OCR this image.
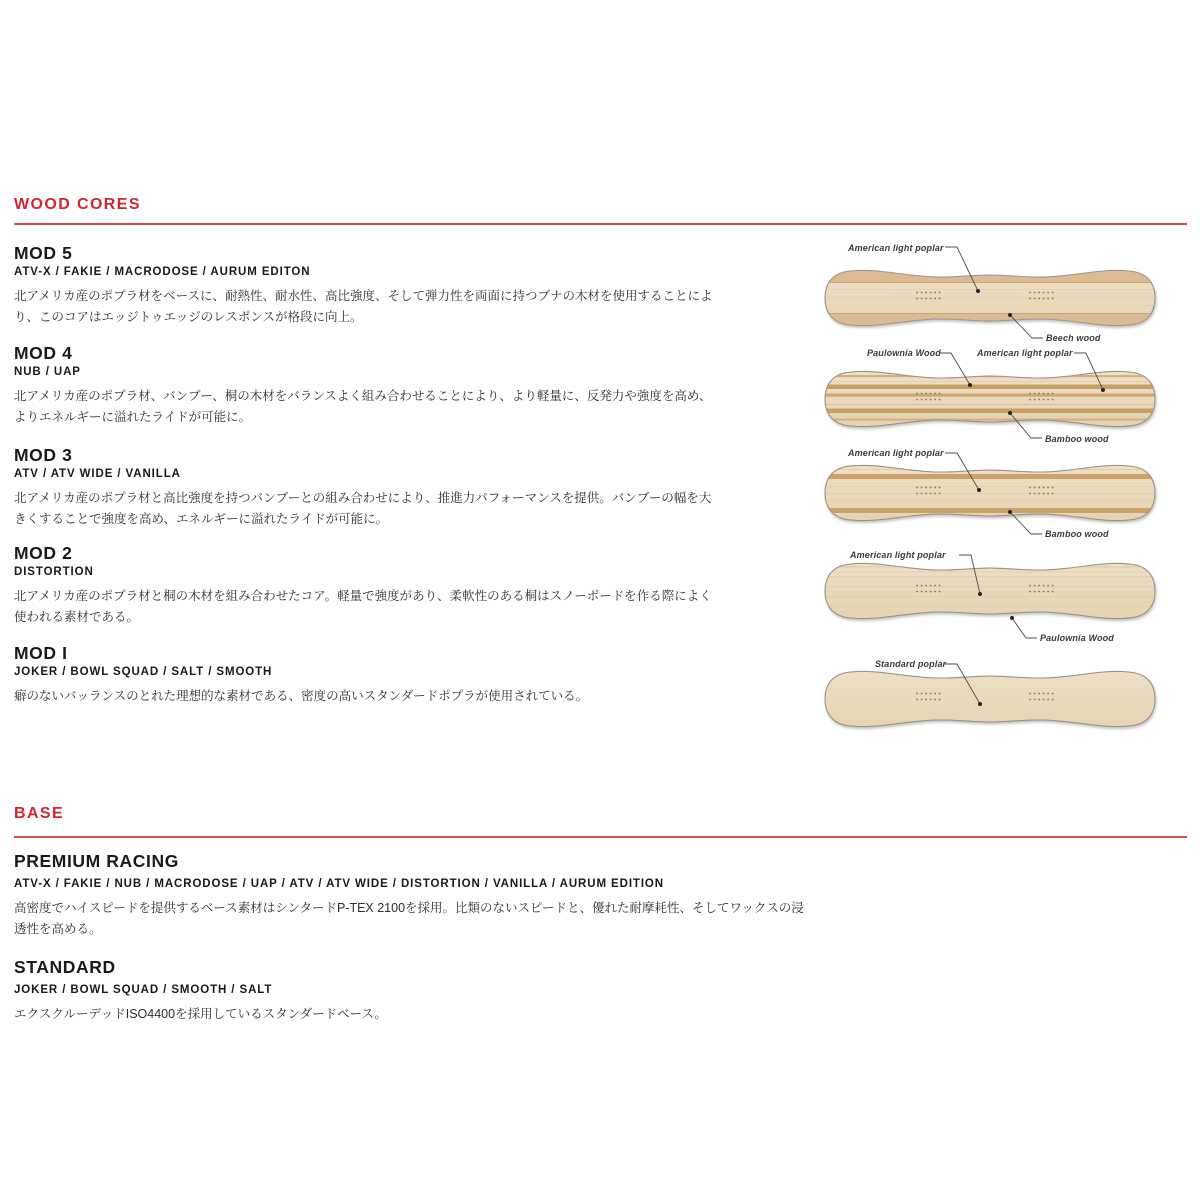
WOOD CORES
MOD 5
ATV-X / FAKIE / MACRODOSE / AURUM EDITON

北アメリカ産のポプラ材をベースに、耐熱性、耐水性、高比強度、そして弾力性を両面に持つブナの木材を使用することにより、このコアはエッジトゥエッジのレスポンスが格段に向上。

MOD 4
NUB / UAP

北アメリカ産のポプラ材、バンブー、桐の木材をバランスよく組み合わせることにより、より軽量に、反発力や強度を高め、よりエネルギーに溢れたライドが可能に。

MOD 3
ATV / ATV WIDE / VANILLA

北アメリカ産のポプラ材と高比強度を持つバンブーとの組み合わせにより、推進力パフォーマンスを提供。バンブーの幅を大きくすることで強度を高め、エネルギーに溢れたライドが可能に。

MOD 2
DISTORTION

北アメリカ産のポプラ材と桐の木材を組み合わせたコア。軽量で強度があり、柔軟性のある桐はスノーボードを作る際によく使われる素材である。

MOD I
JOKER / BOWL SQUAD / SALT / SMOOTH

癖のないバッランスのとれた理想的な素材である、密度の高いスタンダードポプラが使用されている。

American light poplar
Beech wood
Paulownia Wood	American light poplar
Bamboo wood
American light poplar
Bamboo wood
American light poplar
Paulownia Wood
Standard poplar
BASE
PREMIUM RACING
ATV-X / FAKIE / NUB / MACRODOSE / UAP / ATV / ATV WIDE / DISTORTION / VANILLA / AURUM EDITION

高密度でハイスピードを提供するベース素材はシンタードP-TEX 2100を採用。比類のないスピードと、優れた耐摩耗性、そしてワックスの浸透性を高める。

STANDARD
JOKER / BOWL SQUAD / SMOOTH / SALT

エクスクルーデッドISO4400を採用しているスタンダードベース。
